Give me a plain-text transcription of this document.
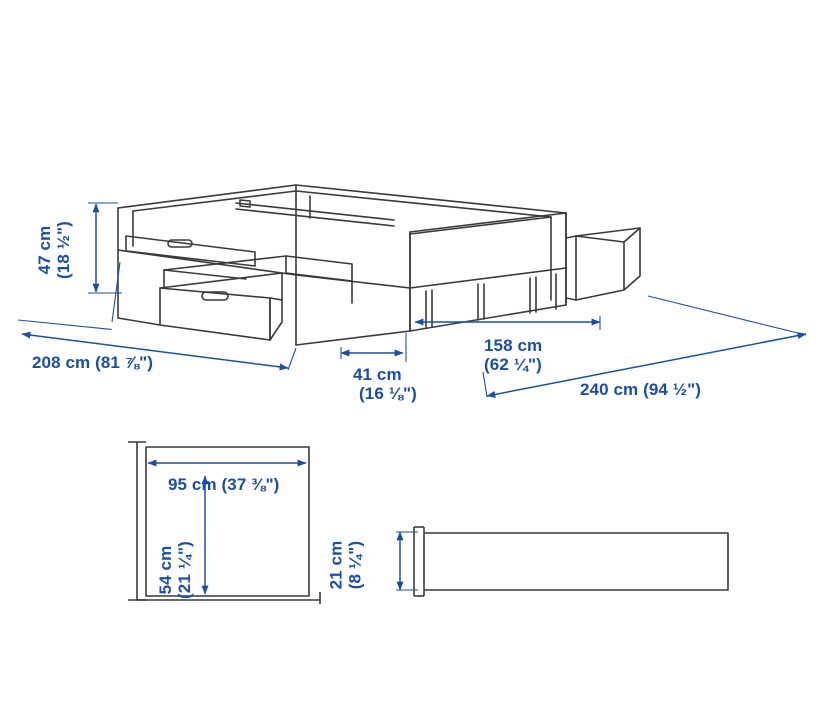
47 cm (18 ½")
208 cm (81 ⅞")
41 cm
(16 ⅛")
158 cm
(62 ¼")
240 cm (94 ½")
95 cm (37 ⅜")
54 cm (21 ¼")	21 cm (8 ¼")
